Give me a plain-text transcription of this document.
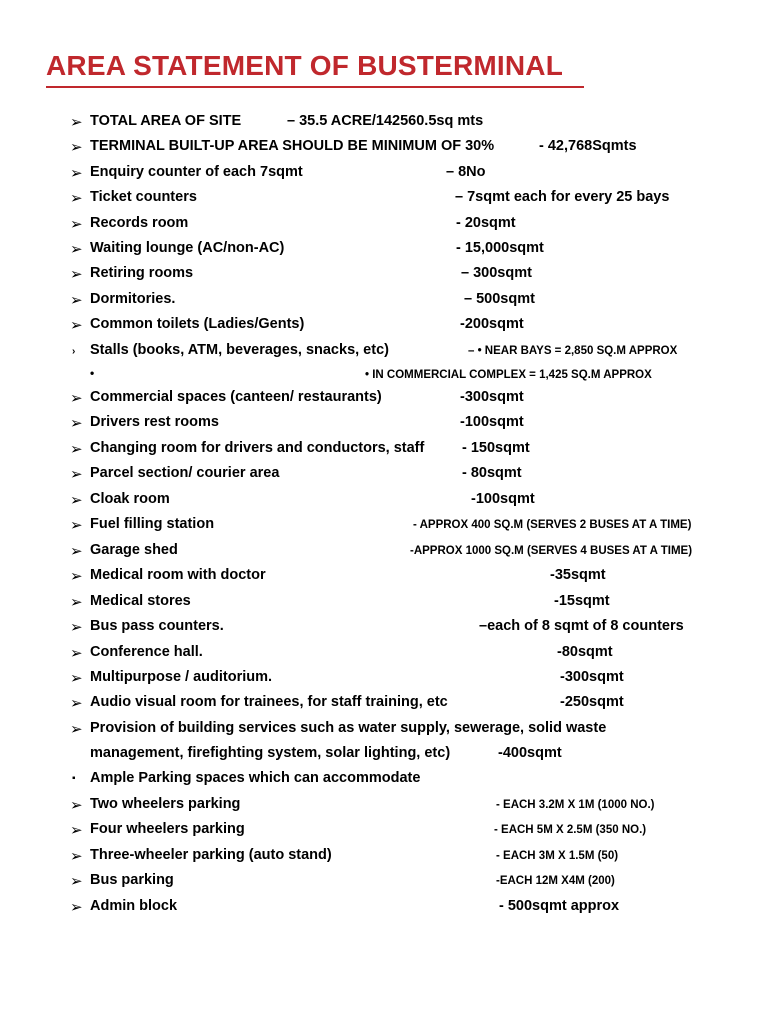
AREA STATEMENT OF BUSTERMINAL
➢ TOTAL AREA OF SITE	– 35.5 ACRE/142560.5sq mts
➢ TERMINAL BUILT-UP AREA SHOULD BE MINIMUM OF 30%	- 42,768Sqmts
➢ Enquiry counter of each 7sqmt	– 8No
➢ Ticket counters	– 7sqmt each for every 25 bays
➢ Records room	- 20sqmt
➢ Waiting lounge (AC/non-AC)	- 15,000sqmt
➢ Retiring rooms	– 300sqmt
➢ Dormitories.	– 500sqmt
➢ Common toilets (Ladies/Gents)	-200sqmt
› Stalls (books, ATM, beverages, snacks, etc)	– • NEAR BAYS = 2,850 SQ.M APPROX
•	• IN COMMERCIAL COMPLEX = 1,425 SQ.M APPROX
➢ Commercial spaces (canteen/ restaurants)	-300sqmt
➢ Drivers rest rooms	-100sqmt
➢ Changing room for drivers and conductors, staff	- 150sqmt
➢ Parcel section/ courier area	- 80sqmt
➢ Cloak room	-100sqmt
➢ Fuel filling station	- APPROX 400 SQ.M (SERVES 2 BUSES AT A TIME)
➢ Garage shed	-APPROX 1000 SQ.M (SERVES 4 BUSES AT A TIME)
➢ Medical room with doctor	-35sqmt
➢ Medical stores	-15sqmt
➢ Bus pass counters.	–each of 8 sqmt of 8 counters
➢ Conference hall.	-80sqmt
➢ Multipurpose / auditorium.	-300sqmt
➢ Audio visual room for trainees, for staff training, etc	-250sqmt
➢ Provision of building services such as water supply, sewerage, solid waste
management, firefighting system, solar lighting, etc)	-400sqmt
▪ Ample Parking spaces which can accommodate
➢ Two wheelers parking	- EACH 3.2M X 1M (1000 NO.)
➢ Four wheelers parking	- EACH 5M X 2.5M (350 NO.)
➢ Three-wheeler parking (auto stand)	- EACH 3M X 1.5M (50)
➢ Bus parking	-EACH 12M X4M (200)
➢ Admin block	- 500sqmt approx
